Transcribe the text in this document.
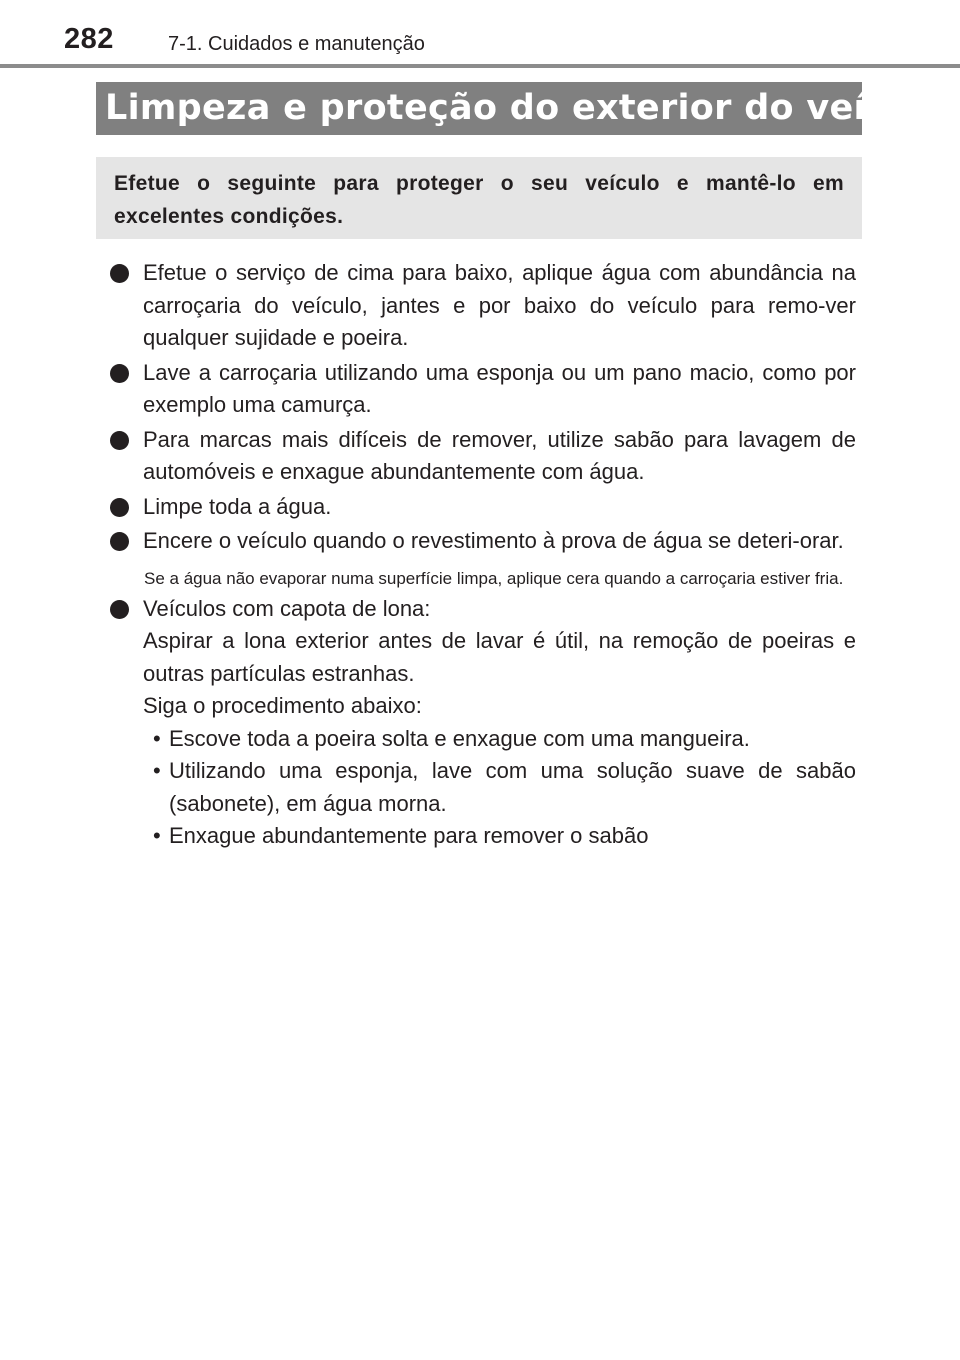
282	7-1. Cuidados e manutenção
Limpeza e proteção do exterior do veículo
Efetue o seguinte para proteger o seu veículo e mantê-lo em excelentes condições.
Efetue o serviço de cima para baixo, aplique água com abundância na carroçaria do veículo, jantes e por baixo do veículo para remo-ver qualquer sujidade e poeira.
Lave a carroçaria utilizando uma esponja ou um pano macio, como por exemplo uma camurça.
Para marcas mais difíceis de remover, utilize sabão para lavagem de automóveis e enxague abundantemente com água.
Limpe toda a água.
Encere o veículo quando o revestimento à prova de água se deteri-orar.
Se a água não evaporar numa superfície limpa, aplique cera quando a carroçaria estiver fria.
Veículos com capota de lona:
Aspirar a lona exterior antes de lavar é útil, na remoção de poeiras e outras partículas estranhas.
Siga o procedimento abaixo:
• Escove toda a poeira solta e enxague com uma mangueira.
• Utilizando uma esponja, lave com uma solução suave de sabão (sabonete), em água morna.
• Enxague abundantemente para remover o sabão
